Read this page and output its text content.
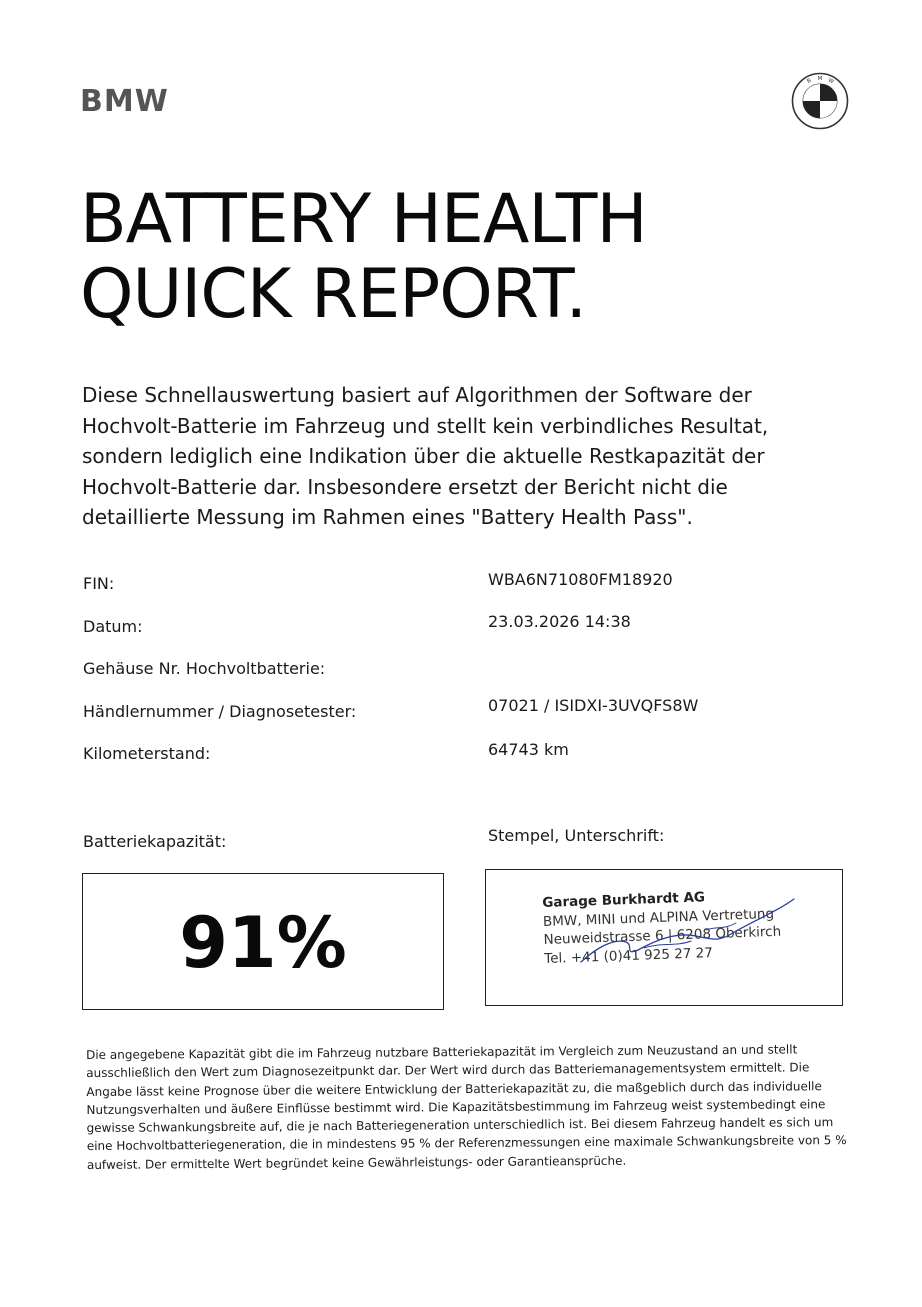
BMW
B M W
BATTERY HEALTH
QUICK REPORT.

Diese Schnellauswertung basiert auf Algorithmen der Software der Hochvolt-Batterie im Fahrzeug und stellt kein verbindliches Resultat, sondern lediglich eine Indikation über die aktuelle Restkapazität der Hochvolt-Batterie dar. Insbesondere ersetzt der Bericht nicht die detaillierte Messung im Rahmen eines "Battery Health Pass".

FIN:	WBA6N71080FM18920
Datum:	23.03.2026 14:38
Gehäuse Nr. Hochvoltbatterie:
Händlernummer / Diagnosetester:	07021 / ISIDXI-3UVQFS8W
Kilometerstand:	64743 km
Batteriekapazität:	Stempel, Unterschrift:
91%
Garage Burkhardt AG
BMW, MINI und ALPINA Vertretung
Neuweidstrasse 6 | 6208 Oberkirch
Tel. +41 (0)41 925 27 27

Die angegebene Kapazität gibt die im Fahrzeug nutzbare Batteriekapazität im Vergleich zum Neuzustand an und stellt ausschließlich den Wert zum Diagnosezeitpunkt dar. Der Wert wird durch das Batteriemanagementsystem ermittelt. Die Angabe lässt keine Prognose über die weitere Entwicklung der Batteriekapazität zu, die maßgeblich durch das individuelle Nutzungsverhalten und äußere Einflüsse bestimmt wird. Die Kapazitätsbestimmung im Fahrzeug weist systembedingt eine gewisse Schwankungsbreite auf, die je nach Batteriegeneration unterschiedlich ist. Bei diesem Fahrzeug handelt es sich um eine Hochvoltbatteriegeneration, die in mindestens 95 % der Referenzmessungen eine maximale Schwankungsbreite von 5 % aufweist. Der ermittelte Wert begründet keine Gewährleistungs- oder Garantieansprüche.
